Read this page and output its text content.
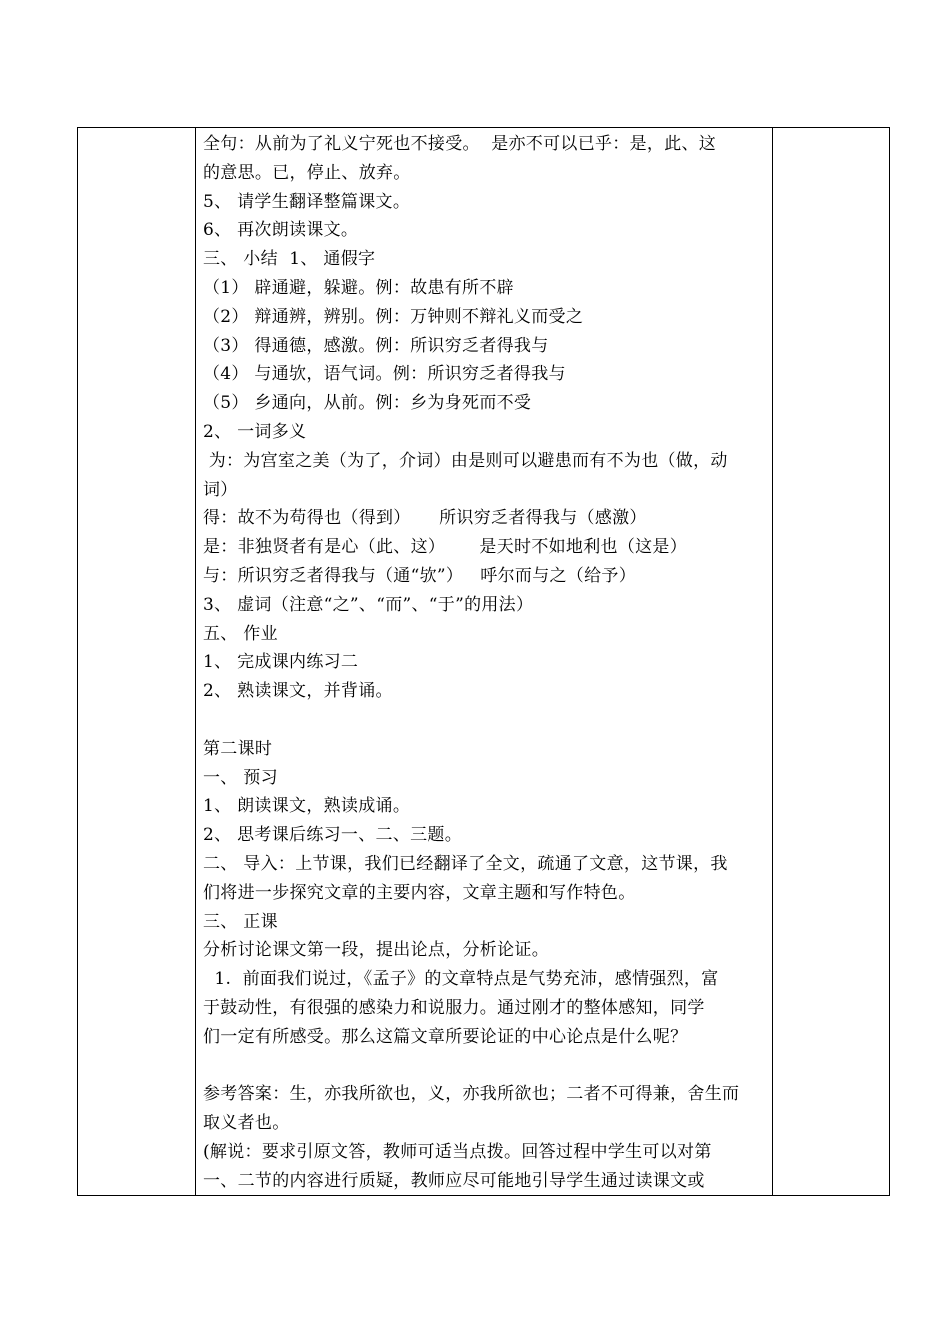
全句：从前为了礼义宁死也不接受。  是亦不可以已乎：是，此、这
的意思。已，停止、放弃。
5、 请学生翻译整篇课文。
6、 再次朗读课文。
三、 小结  1、 通假字
（1） 辟通避，躲避。例：故患有所不辟
（2） 辩通辨，辨别。例：万钟则不辩礼义而受之
（3） 得通德，感激。例：所识穷乏者得我与
（4） 与通欤，语气词。例：所识穷乏者得我与
（5） 乡通向，从前。例：乡为身死而不受
2、 一词多义
为：为宫室之美（为了，介词）由是则可以避患而有不为也（做，动
词）
得：故不为苟得也（得到）     所识穷乏者得我与（感激）
是：非独贤者有是心（此、这）      是天时不如地利也（这是）
与：所识穷乏者得我与（通“欤”）   呼尔而与之（给予）
3、 虚词（注意“之”、“而”、“于”的用法）
五、 作业
1、 完成课内练习二
2、 熟读课文，并背诵。
第二课时
一、 预习
1、 朗读课文，熟读成诵。
2、 思考课后练习一、二、三题。
二、 导入：上节课，我们已经翻译了全文，疏通了文意，这节课，我
们将进一步探究文章的主要内容，文章主题和写作特色。
三、 正课
分析讨论课文第一段，提出论点，分析论证。
1.  前面我们说过，《孟子》的文章特点是气势充沛，感情强烈，富
于鼓动性，有很强的感染力和说服力。通过刚才的整体感知，同学
们一定有所感受。那么这篇文章所要论证的中心论点是什么呢？
参考答案：生，亦我所欲也，义，亦我所欲也；二者不可得兼，舍生而
取义者也。
(解说：要求引原文答，教师可适当点拨。回答过程中学生可以对第
一、二节的内容进行质疑，教师应尽可能地引导学生通过读课文或
